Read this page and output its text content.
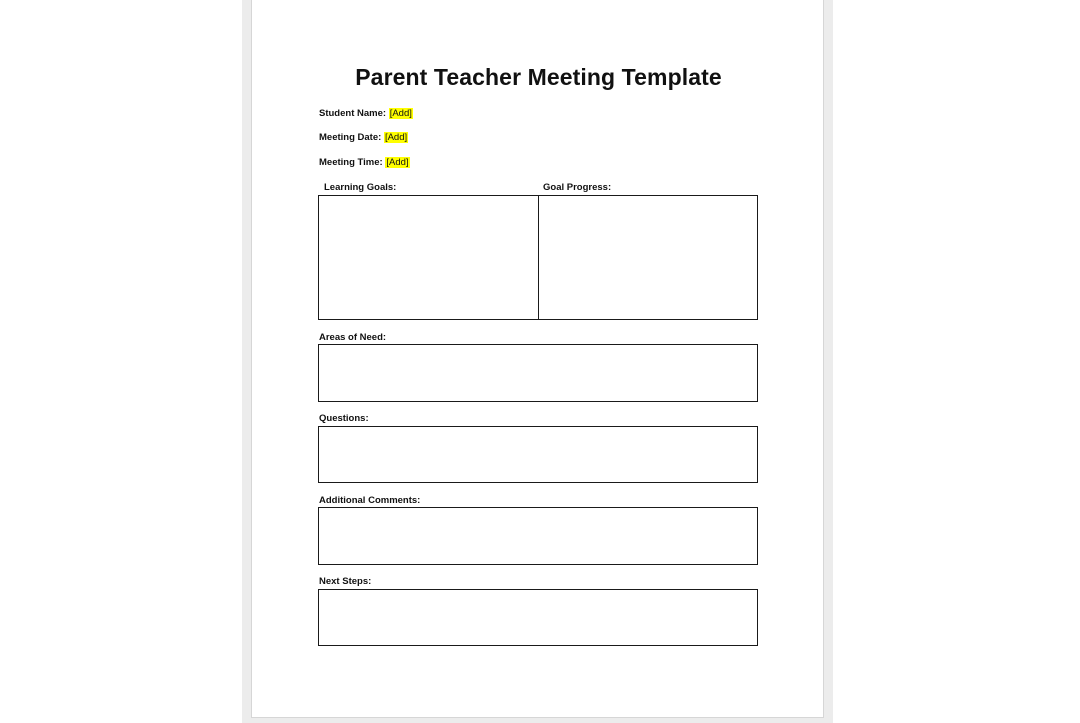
Parent Teacher Meeting Template
Student Name: [Add]
Meeting Date: [Add]
Meeting Time: [Add]
Learning Goals:	Goal Progress:
Areas of Need:
Questions:
Additional Comments:
Next Steps:
